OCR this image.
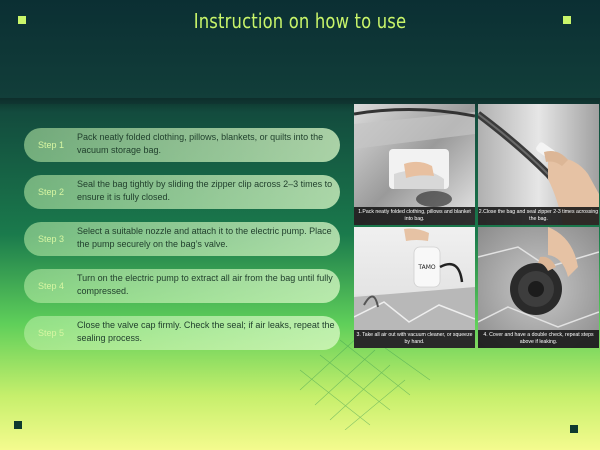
Instruction on how to use
Step 1
Pack neatly folded clothing, pillows, blankets, or quilts into the vacuum storage bag.
Step 2
Seal the bag tightly by sliding the zipper clip across 2–3 times to ensure it is fully closed.
Step 3
Select a suitable nozzle and attach it to the electric pump. Place the pump securely on the bag’s valve.
Step 4
Turn on the electric pump to extract all air from the bag until fully compressed.
Step 5
Close the valve cap firmly. Check the seal; if air leaks, repeat the sealing process.
1.Pack neatly folded clothing, pillows and blanket into bag.
2.Close the bag and seal zipper 2-3 times acrossing the bag.
TAMO
3. Take all air out with vacuum cleaner, or squeeze by hand.
4. Cover and have a double check, repeat steps above if leaking.
